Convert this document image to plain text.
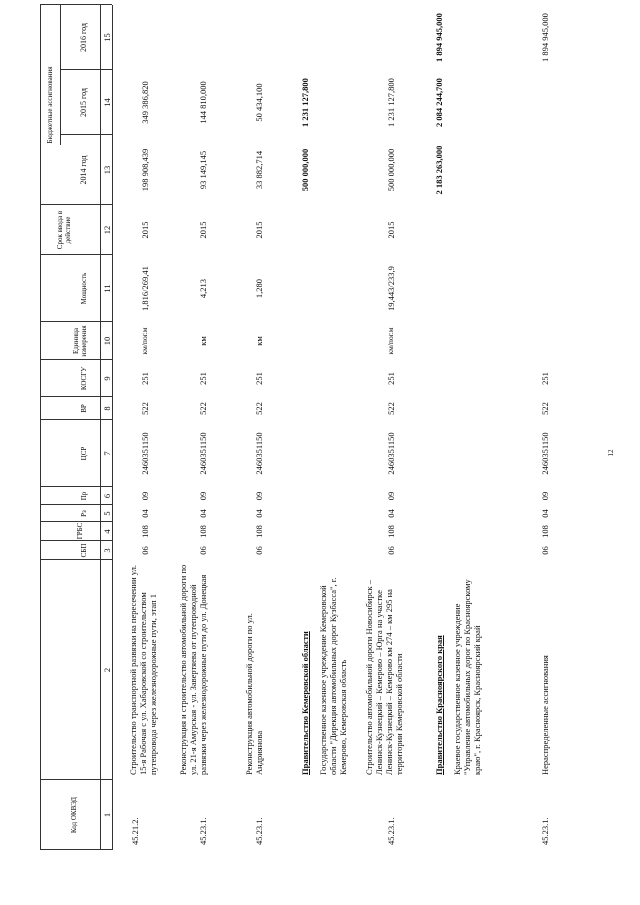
Код ОКВЭД
СБП
ГРБС
Рз
Пр
ЦСР
ВР
КОСГУ
Единица измерения
Мощность
Срок ввода в действие
Бюджетные ассигнования
2014 год
2015 год
2016 год
1
2
3
4
5
6
7
8
9
10
11
12
13
14
15
45.21.2.
Строительство транспортной развязки на пересечении ул. 15-я Рабочая с ул. Хабаровской со строительством путепровода через железнодорожные пути, этап 1
06
108
04
09
2460351150
522
251
км/пог.м
1,816/269,41
2015
198 908,439
349 386,820
45.23.1.
Реконструкция и строительство автомобильной дороги по ул. 21-я Амурская - ул. Завертяева от путепроводной развязки через железнодорожные пути до ул. Донецкая
06
108
04
09
2460351150
522
251
км
4,213
2015
93 149,145
144 810,000
45.23.1.
Реконструкция автомобильной дороги по ул. Андриянова
06
108
04
09
2460351150
522
251
км
1,280
2015
33 882,714
50 434,100
Правительство Кемеровской области
500 000,000
1 231 127,800
Государственное казенное учреждение Кемеровской области "Дирекция автомобильных дорог Кузбасса", г. Кемерово, Кемеровская область
45.23.1.
Строительство автомобильной дороги Новосибирск – Ленинск-Кузнецкий – Кемерово – Юрга на участке Ленинск-Кузнецкий – Кемерово км 274 – км 295 на территории Кемеровской области
06
108
04
09
2460351150
522
251
км/пог.м
19,443/233,9
2015
500 000,000
1 231 127,800
Правительство Красноярского края
2 183 263,000
2 084 244,700
1 894 945,000
Краевое государственное казенное учреждение "Управление автомобильных дорог по Красноярскому краю", г. Красноярск, Красноярский край
45.23.1.
Нераспределенные ассигнования
06
108
04
09
2460351150
522
251
1 894 945,000
12
